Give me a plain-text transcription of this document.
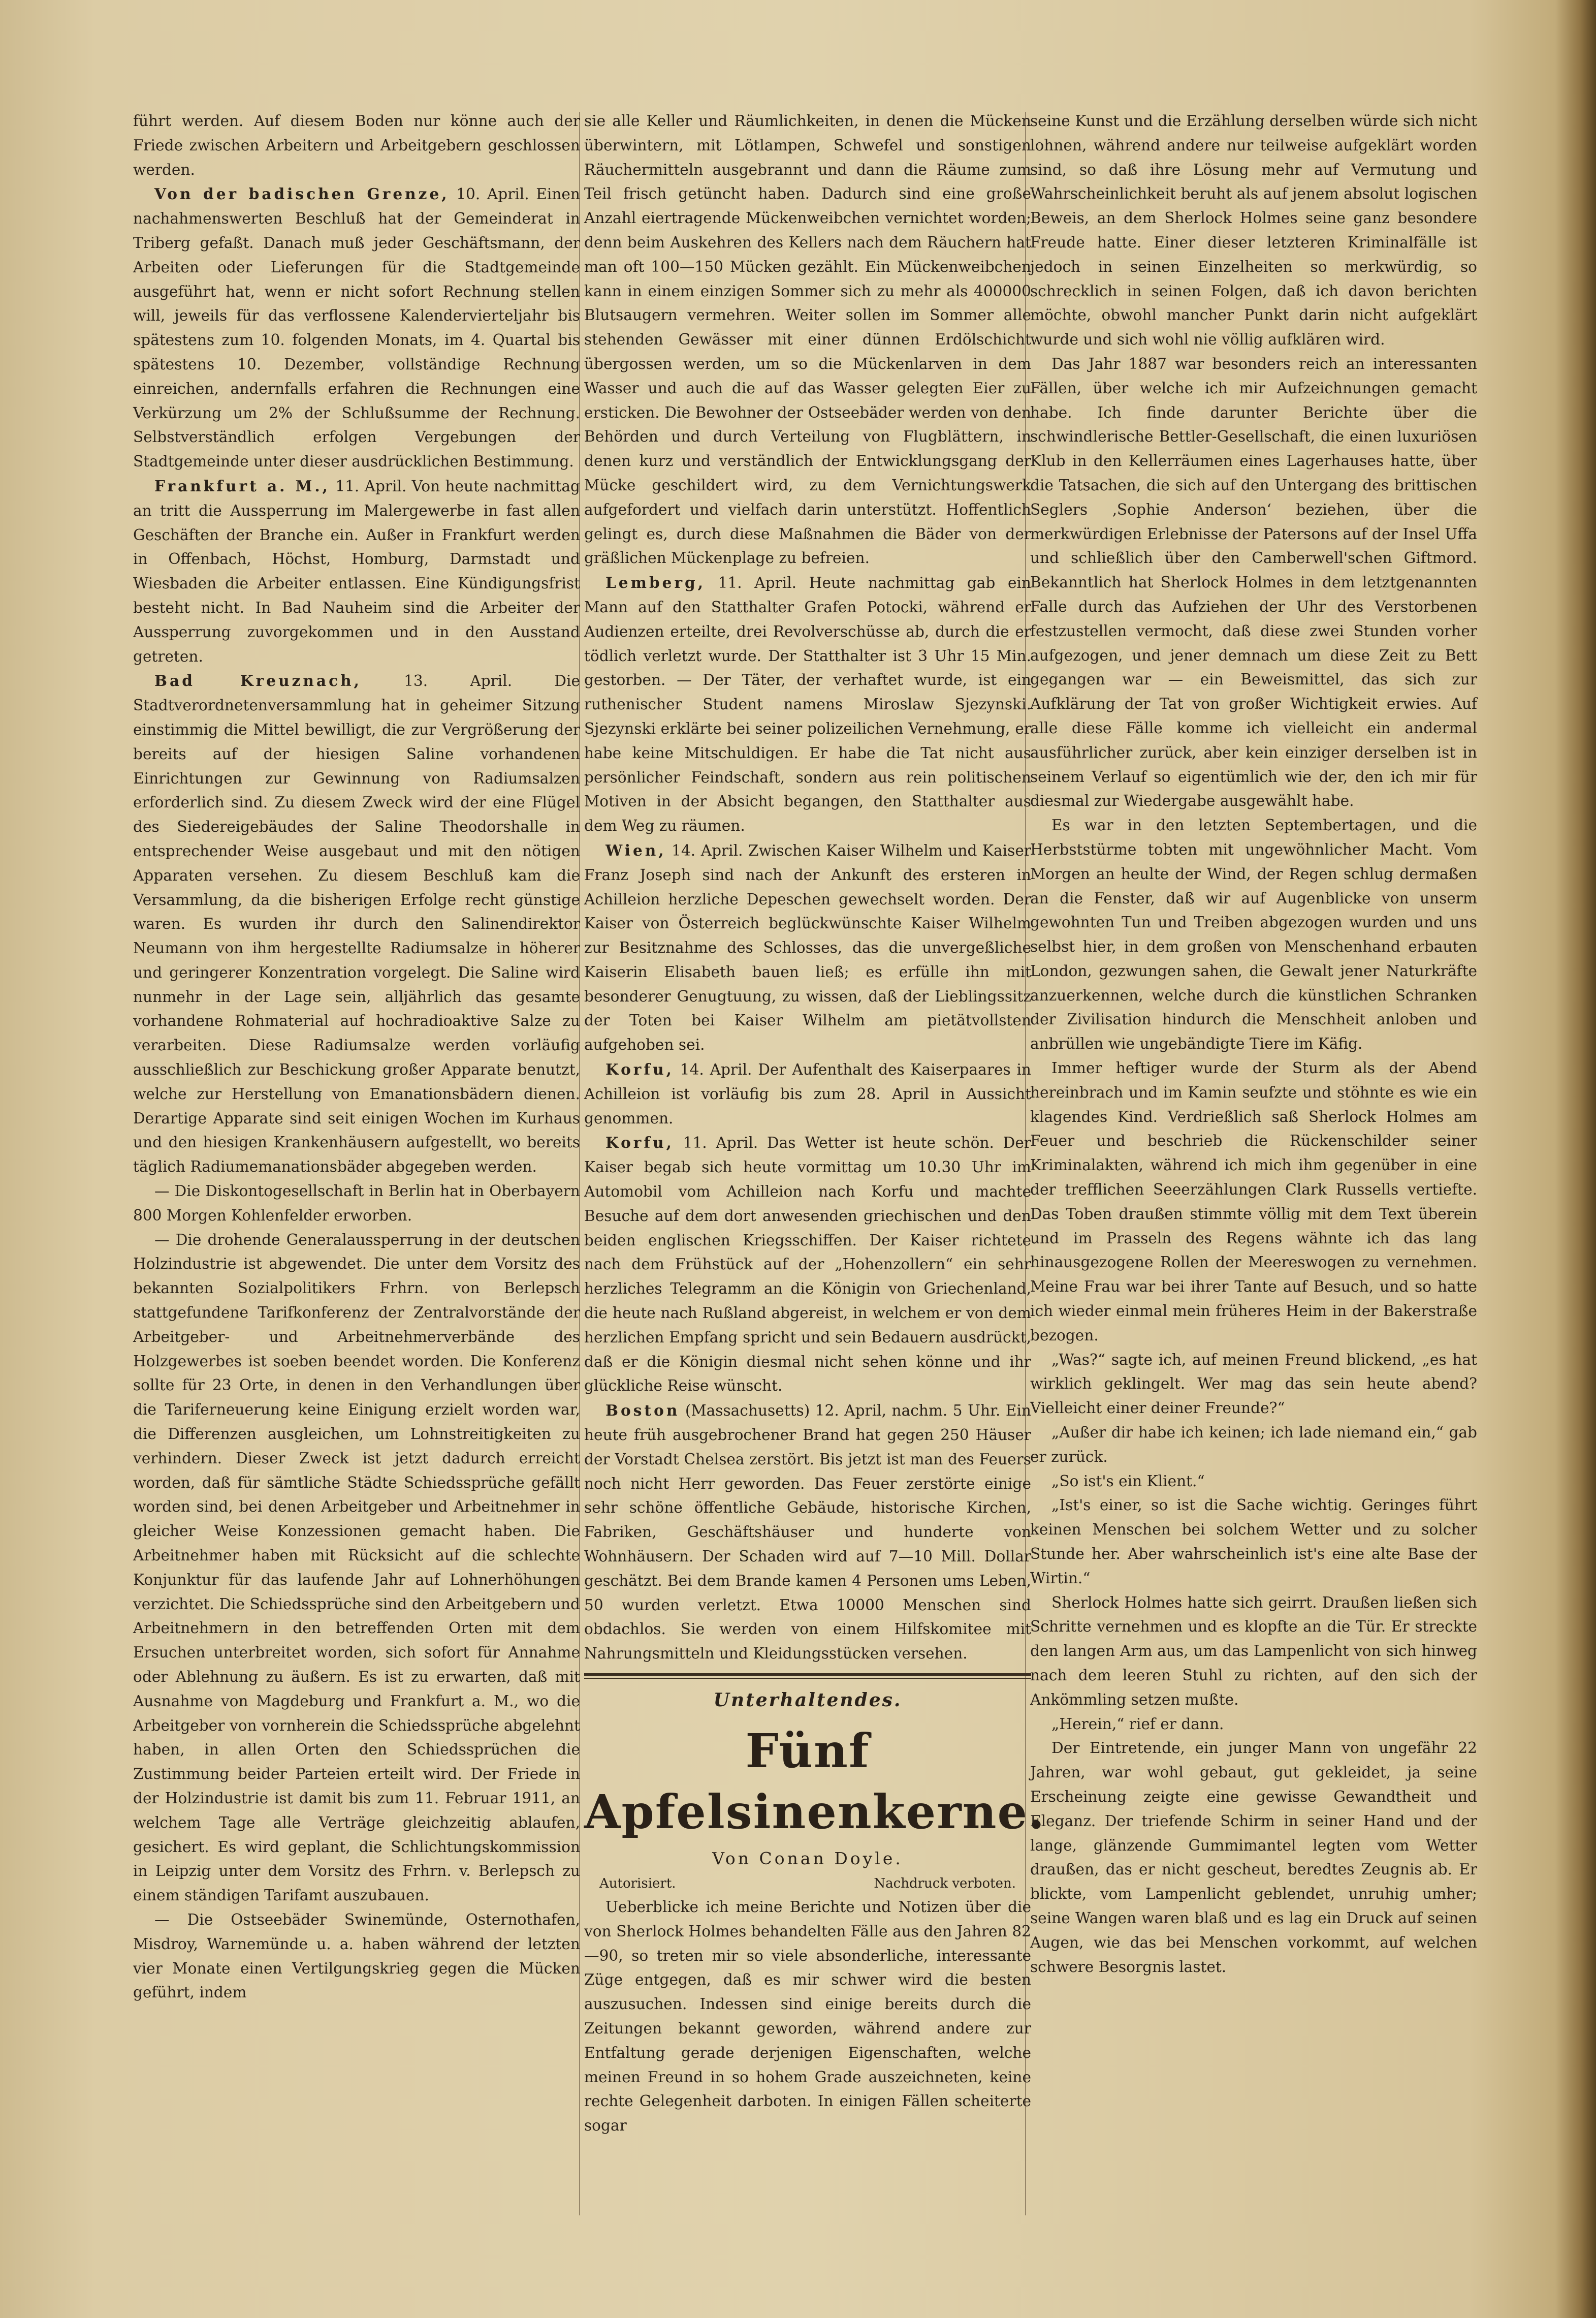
führt werden. Auf diesem Boden nur könne auch der Friede zwischen Arbeitern und Arbeitgebern geschlossen werden.

Von der badischen Grenze, 10. April. Einen nachahmenswerten Beschluß hat der Gemeinderat in Triberg gefaßt. Danach muß jeder Geschäftsmann, der Arbeiten oder Lieferungen für die Stadtgemeinde ausgeführt hat, wenn er nicht sofort Rechnung stellen will, jeweils für das verflossene Kalendervierteljahr bis spätestens zum 10. folgenden Monats, im 4. Quartal bis spätestens 10. Dezember, vollständige Rechnung einreichen, andernfalls erfahren die Rechnungen eine Verkürzung um 2% der Schlußsumme der Rechnung. Selbstverständlich erfolgen Vergebungen der Stadtgemeinde unter dieser ausdrücklichen Bestimmung.

Frankfurt a. M., 11. April. Von heute nachmittag an tritt die Aussperrung im Malergewerbe in fast allen Geschäften der Branche ein. Außer in Frankfurt werden in Offenbach, Höchst, Homburg, Darmstadt und Wiesbaden die Arbeiter entlassen. Eine Kündigungsfrist besteht nicht. In Bad Nauheim sind die Arbeiter der Aussperrung zuvorgekommen und in den Ausstand getreten.

Bad Kreuznach, 13. April. Die Stadtverordnetenversammlung hat in geheimer Sitzung einstimmig die Mittel bewilligt, die zur Vergrößerung der bereits auf der hiesigen Saline vorhandenen Einrichtungen zur Gewinnung von Radiumsalzen erforderlich sind. Zu diesem Zweck wird der eine Flügel des Siedereigebäudes der Saline Theodorshalle in entsprechender Weise ausgebaut und mit den nötigen Apparaten versehen. Zu diesem Beschluß kam die Versammlung, da die bisherigen Erfolge recht günstige waren. Es wurden ihr durch den Salinendirektor Neumann von ihm hergestellte Radiumsalze in höherer und geringerer Konzentration vorgelegt. Die Saline wird nunmehr in der Lage sein, alljährlich das gesamte vorhandene Rohmaterial auf hochradioaktive Salze zu verarbeiten. Diese Radiumsalze werden vorläufig ausschließlich zur Beschickung großer Apparate benutzt, welche zur Herstellung von Emanationsbädern dienen. Derartige Apparate sind seit einigen Wochen im Kurhaus und den hiesigen Krankenhäusern aufgestellt, wo bereits täglich Radiumemanationsbäder abgegeben werden.

— Die Diskontogesellschaft in Berlin hat in Oberbayern 800 Morgen Kohlenfelder erworben.

— Die drohende Generalaussperrung in der deutschen Holzindustrie ist abgewendet. Die unter dem Vorsitz des bekannten Sozialpolitikers Frhrn. von Berlepsch stattgefundene Tarifkonferenz der Zentralvorstände der Arbeitgeber- und Arbeitnehmerverbände des Holzgewerbes ist soeben beendet worden. Die Konferenz sollte für 23 Orte, in denen in den Verhandlungen über die Tariferneuerung keine Einigung erzielt worden war, die Differenzen ausgleichen, um Lohnstreitigkeiten zu verhindern. Dieser Zweck ist jetzt dadurch erreicht worden, daß für sämtliche Städte Schiedssprüche gefällt worden sind, bei denen Arbeitgeber und Arbeitnehmer in gleicher Weise Konzessionen gemacht haben. Die Arbeitnehmer haben mit Rücksicht auf die schlechte Konjunktur für das laufende Jahr auf Lohnerhöhungen verzichtet. Die Schiedssprüche sind den Arbeitgebern und Arbeitnehmern in den betreffenden Orten mit dem Ersuchen unterbreitet worden, sich sofort für Annahme oder Ablehnung zu äußern. Es ist zu erwarten, daß mit Ausnahme von Magdeburg und Frankfurt a. M., wo die Arbeitgeber von vornherein die Schiedssprüche abgelehnt haben, in allen Orten den Schiedssprüchen die Zustimmung beider Parteien erteilt wird. Der Friede in der Holzindustrie ist damit bis zum 11. Februar 1911, an welchem Tage alle Verträge gleichzeitig ablaufen, gesichert. Es wird geplant, die Schlichtungskommission in Leipzig unter dem Vorsitz des Frhrn. v. Berlepsch zu einem ständigen Tarifamt auszubauen.

— Die Ostseebäder Swinemünde, Osternothafen, Misdroy, Warnemünde u. a. haben während der letzten vier Monate einen Vertilgungskrieg gegen die Mücken geführt, indem

sie alle Keller und Räumlichkeiten, in denen die Mücken überwintern, mit Lötlampen, Schwefel und sonstigen Räuchermitteln ausgebrannt und dann die Räume zum Teil frisch getüncht haben. Dadurch sind eine große Anzahl eiertragende Mückenweibchen vernichtet worden; denn beim Auskehren des Kellers nach dem Räuchern hat man oft 100—150 Mücken gezählt. Ein Mückenweibchen kann in einem einzigen Sommer sich zu mehr als 400000 Blutsaugern vermehren. Weiter sollen im Sommer alle stehenden Gewässer mit einer dünnen Erdölschicht übergossen werden, um so die Mückenlarven in dem Wasser und auch die auf das Wasser gelegten Eier zu ersticken. Die Bewohner der Ostseebäder werden von den Behörden und durch Verteilung von Flugblättern, in denen kurz und verständlich der Entwicklungsgang der Mücke geschildert wird, zu dem Vernichtungswerk aufgefordert und vielfach darin unterstützt. Hoffentlich gelingt es, durch diese Maßnahmen die Bäder von der gräßlichen Mückenplage zu befreien.

Lemberg, 11. April. Heute nachmittag gab ein Mann auf den Statthalter Grafen Potocki, während er Audienzen erteilte, drei Revolverschüsse ab, durch die er tödlich verletzt wurde. Der Statthalter ist 3 Uhr 15 Min. gestorben. — Der Täter, der verhaftet wurde, ist ein ruthenischer Student namens Miroslaw Sjezynski. Sjezynski erklärte bei seiner polizeilichen Vernehmung, er habe keine Mitschuldigen. Er habe die Tat nicht aus persönlicher Feindschaft, sondern aus rein politischen Motiven in der Absicht begangen, den Statthalter aus dem Weg zu räumen.

Wien, 14. April. Zwischen Kaiser Wilhelm und Kaiser Franz Joseph sind nach der Ankunft des ersteren in Achilleion herzliche Depeschen gewechselt worden. Der Kaiser von Österreich beglückwünschte Kaiser Wilhelm zur Besitznahme des Schlosses, das die unvergeßliche Kaiserin Elisabeth bauen ließ; es erfülle ihn mit besonderer Genugtuung, zu wissen, daß der Lieblingssitz der Toten bei Kaiser Wilhelm am pietätvollsten aufgehoben sei.

Korfu, 14. April. Der Aufenthalt des Kaiserpaares in Achilleion ist vorläufig bis zum 28. April in Aussicht genommen.

Korfu, 11. April. Das Wetter ist heute schön. Der Kaiser begab sich heute vormittag um 10.30 Uhr im Automobil vom Achilleion nach Korfu und machte Besuche auf dem dort anwesenden griechischen und den beiden englischen Kriegsschiffen. Der Kaiser richtete nach dem Frühstück auf der „Hohenzollern“ ein sehr herzliches Telegramm an die Königin von Griechenland, die heute nach Rußland abgereist, in welchem er von dem herzlichen Empfang spricht und sein Bedauern ausdrückt, daß er die Königin diesmal nicht sehen könne und ihr glückliche Reise wünscht.

Boston (Massachusetts) 12. April, nachm. 5 Uhr. Ein heute früh ausgebrochener Brand hat gegen 250 Häuser der Vorstadt Chelsea zerstört. Bis jetzt ist man des Feuers noch nicht Herr geworden. Das Feuer zerstörte einige sehr schöne öffentliche Gebäude, historische Kirchen, Fabriken, Geschäftshäuser und hunderte von Wohnhäusern. Der Schaden wird auf 7—10 Mill. Dollar geschätzt. Bei dem Brande kamen 4 Personen ums Leben, 50 wurden verletzt. Etwa 10000 Menschen sind obdachlos. Sie werden von einem Hilfskomitee mit Nahrungsmitteln und Kleidungsstücken versehen.

Unterhaltendes.
Fünf Apfelsinenkerne.
Von Conan Doyle.
Autorisiert.	Nachdruck verboten.

Ueberblicke ich meine Berichte und Notizen über die von Sherlock Holmes behandelten Fälle aus den Jahren 82—90, so treten mir so viele absonderliche, interessante Züge entgegen, daß es mir schwer wird die besten auszusuchen. Indessen sind einige bereits durch die Zeitungen bekannt geworden, während andere zur Entfaltung gerade derjenigen Eigenschaften, welche meinen Freund in so hohem Grade auszeichneten, keine rechte Gelegenheit darboten. In einigen Fällen scheiterte sogar

seine Kunst und die Erzählung derselben würde sich nicht lohnen, während andere nur teilweise aufgeklärt worden sind, so daß ihre Lösung mehr auf Vermutung und Wahrscheinlichkeit beruht als auf jenem absolut logischen Beweis, an dem Sherlock Holmes seine ganz besondere Freude hatte. Einer dieser letzteren Kriminalfälle ist jedoch in seinen Einzelheiten so merkwürdig, so schrecklich in seinen Folgen, daß ich davon berichten möchte, obwohl mancher Punkt darin nicht aufgeklärt wurde und sich wohl nie völlig aufklären wird.

Das Jahr 1887 war besonders reich an interessanten Fällen, über welche ich mir Aufzeichnungen gemacht habe. Ich finde darunter Berichte über die schwindlerische Bettler-Gesellschaft, die einen luxuriösen Klub in den Kellerräumen eines Lagerhauses hatte, über die Tatsachen, die sich auf den Untergang des brittischen Seglers ‚Sophie Anderson‘ beziehen, über die merkwürdigen Erlebnisse der Patersons auf der Insel Uffa und schließlich über den Camberwell'schen Giftmord. Bekanntlich hat Sherlock Holmes in dem letztgenannten Falle durch das Aufziehen der Uhr des Verstorbenen festzustellen vermocht, daß diese zwei Stunden vorher aufgezogen, und jener demnach um diese Zeit zu Bett gegangen war — ein Beweismittel, das sich zur Aufklärung der Tat von großer Wichtigkeit erwies. Auf alle diese Fälle komme ich vielleicht ein andermal ausführlicher zurück, aber kein einziger derselben ist in seinem Verlauf so eigentümlich wie der, den ich mir für diesmal zur Wiedergabe ausgewählt habe.

Es war in den letzten Septembertagen, und die Herbststürme tobten mit ungewöhnlicher Macht. Vom Morgen an heulte der Wind, der Regen schlug dermaßen an die Fenster, daß wir auf Augenblicke von unserm gewohnten Tun und Treiben abgezogen wurden und uns selbst hier, in dem großen von Menschenhand erbauten London, gezwungen sahen, die Gewalt jener Naturkräfte anzuerkennen, welche durch die künstlichen Schranken der Zivilisation hindurch die Menschheit anloben und anbrüllen wie ungebändigte Tiere im Käfig.

Immer heftiger wurde der Sturm als der Abend hereinbrach und im Kamin seufzte und stöhnte es wie ein klagendes Kind. Verdrießlich saß Sherlock Holmes am Feuer und beschrieb die Rückenschilder seiner Kriminalakten, während ich mich ihm gegenüber in eine der trefflichen Seeerzählungen Clark Russells vertiefte. Das Toben draußen stimmte völlig mit dem Text überein und im Prasseln des Regens wähnte ich das lang hinausgezogene Rollen der Meereswogen zu vernehmen. Meine Frau war bei ihrer Tante auf Besuch, und so hatte ich wieder einmal mein früheres Heim in der Bakerstraße bezogen.

„Was?“ sagte ich, auf meinen Freund blickend, „es hat wirklich geklingelt. Wer mag das sein heute abend? Vielleicht einer deiner Freunde?“

„Außer dir habe ich keinen; ich lade niemand ein,“ gab er zurück.

„So ist's ein Klient.“

„Ist's einer, so ist die Sache wichtig. Geringes führt keinen Menschen bei solchem Wetter und zu solcher Stunde her. Aber wahrscheinlich ist's eine alte Base der Wirtin.“

Sherlock Holmes hatte sich geirrt. Draußen ließen sich Schritte vernehmen und es klopfte an die Tür. Er streckte den langen Arm aus, um das Lampenlicht von sich hinweg nach dem leeren Stuhl zu richten, auf den sich der Ankömmling setzen mußte.

„Herein,“ rief er dann.

Der Eintretende, ein junger Mann von ungefähr 22 Jahren, war wohl gebaut, gut gekleidet, ja seine Erscheinung zeigte eine gewisse Gewandtheit und Eleganz. Der triefende Schirm in seiner Hand und der lange, glänzende Gummimantel legten vom Wetter draußen, das er nicht gescheut, beredtes Zeugnis ab. Er blickte, vom Lampenlicht geblendet, unruhig umher; seine Wangen waren blaß und es lag ein Druck auf seinen Augen, wie das bei Menschen vorkommt, auf welchen schwere Besorgnis lastet.
